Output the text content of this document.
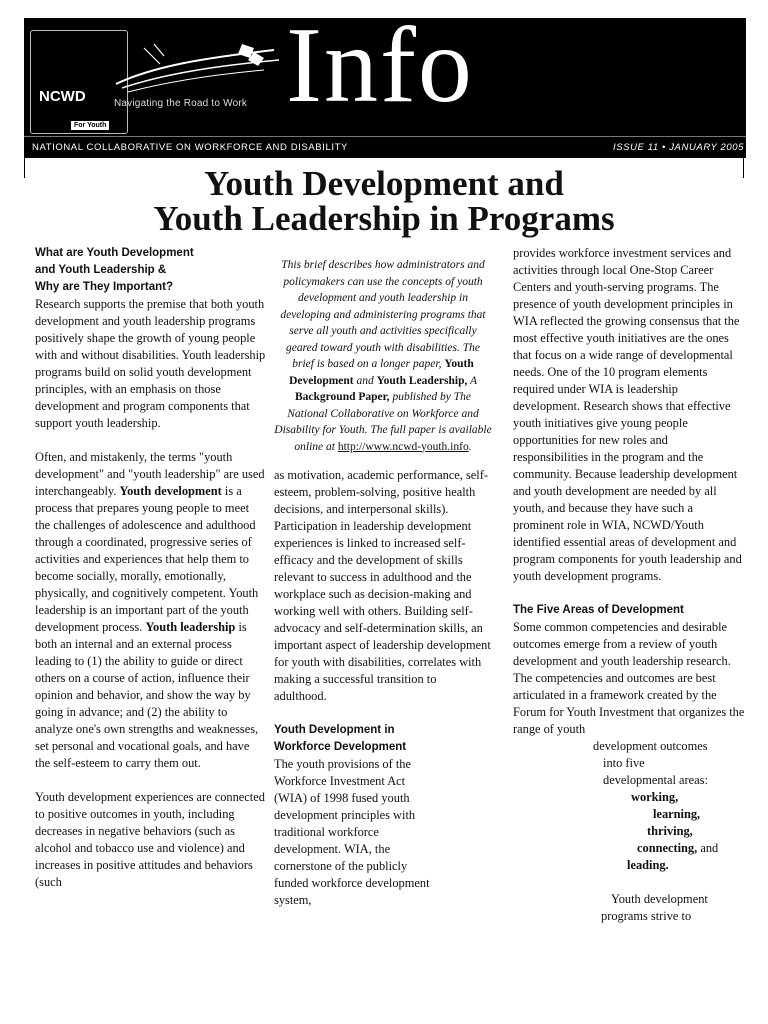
NCWD
For Youth
Navigating the Road to Work Info
NATIONAL COLLABORATIVE ON WORKFORCE AND DISABILITY	ISSUE 11 • JANUARY 2005
Youth Development and
Youth Leadership in Programs

What are Youth Development
and Youth Leadership &
Why are They Important?

Research supports the premise that both youth development and youth leadership programs positively shape the growth of young people with and without disabilities. Youth leadership programs build on solid youth development principles, with an emphasis on those development and program components that support youth leadership.

Often, and mistakenly, the terms "youth development" and "youth leadership" are used interchangeably. Youth development is a process that prepares young people to meet the challenges of adolescence and adulthood through a coordinated, progressive series of activities and experiences that help them to become socially, morally, emotionally, physically, and cognitively competent. Youth leadership is an important part of the youth development process. Youth leadership is both an internal and an external process leading to (1) the ability to guide or direct others on a course of action, influence their opinion and behavior, and show the way by going in advance; and (2) the ability to analyze one's own strengths and weaknesses, set personal and vocational goals, and have the self-esteem to carry them out.

Youth development experiences are connected to positive outcomes in youth, including decreases in negative behaviors (such as alcohol and tobacco use and violence) and increases in positive attitudes and behaviors (such

This brief describes how administrators and policymakers can use the concepts of youth development and youth leadership in developing and administering programs that serve all youth and activities specifically geared toward youth with disabilities. The brief is based on a longer paper, Youth Development and Youth Leadership, A Background Paper, published by The National Collaborative on Workforce and Disability for Youth. The full paper is available online at http://www.ncwd-youth.info.

as motivation, academic performance, self-esteem, problem-solving, positive health decisions, and interpersonal skills). Participation in leadership development experiences is linked to increased self-efficacy and the development of skills relevant to success in adulthood and the workplace such as decision-making and working well with others. Building self-advocacy and self-determination skills, an important aspect of leadership development for youth with disabilities, correlates with making a successful transition to adulthood.

Youth Development in
Workforce Development

The youth provisions of the Workforce Investment Act (WIA) of 1998 fused youth development principles with traditional workforce development. WIA, the cornerstone of the publicly funded workforce development system,

provides workforce investment services and activities through local One-Stop Career Centers and youth-serving programs. The presence of youth development principles in WIA reflected the growing consensus that the most effective youth initiatives are the ones that focus on a wide range of developmental needs. One of the 10 program elements required under WIA is leadership development. Research shows that effective youth initiatives give young people opportunities for new roles and responsibilities in the program and the community. Because leadership development and youth development are needed by all youth, and because they have such a prominent role in WIA, NCWD/Youth identified essential areas of development and program components for youth leadership and youth development programs.

The Five Areas of Development

Some common competencies and desirable outcomes emerge from a review of youth development and youth leadership research. The competencies and outcomes are best articulated in a framework created by the Forum for Youth Investment that organizes the range of youth

development outcomes
into five
developmental areas:
working,
learning,
thriving,
connecting, and
leading.
Youth development
programs strive to
